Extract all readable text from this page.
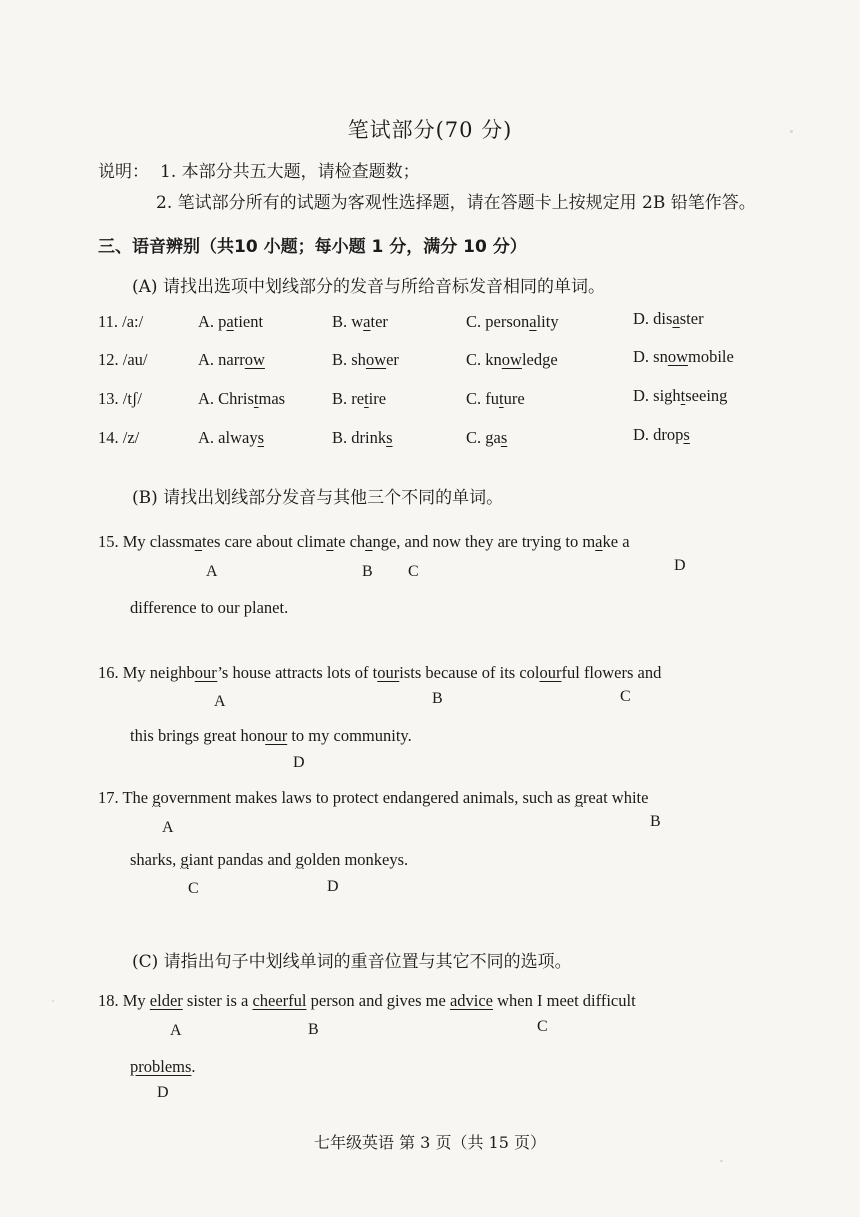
笔试部分(70 分)
说明： 1. 本部分共五大题，请检查题数；
2. 笔试部分所有的试题为客观性选择题，请在答题卡上按规定用 2B 铅笔作答。
三、语音辨别（共10 小题；每小题 1 分，满分 10 分）
(A) 请找出选项中划线部分的发音与所给音标发音相同的单词。
11. /a:/	A. patient	B. water	C. personality	D. disaster
12. /au/	A. narrow	B. shower	C. knowledge	D. snowmobile
13. /tʃ/	A. Christmas	B. retire	C. future	D. sightseeing
14. /z/	A. always	B. drinks	C. gas	D. drops
(B) 请找出划线部分发音与其他三个不同的单词。
15. My classmates care about climate change, and now they are trying to make a
A	B C	D
difference to our planet.
16. My neighbour’s house attracts lots of tourists because of its colourful flowers and
A	B	C
this brings great honour to my community.
D
17. The government makes laws to protect endangered animals, such as great white
A	B
sharks, giant pandas and golden monkeys.
C	D
(C) 请指出句子中划线单词的重音位置与其它不同的选项。
18. My elder sister is a cheerful person and gives me advice when I meet difficult
A	B	C
problems.
D
七年级英语 第 3 页（共 15 页）
